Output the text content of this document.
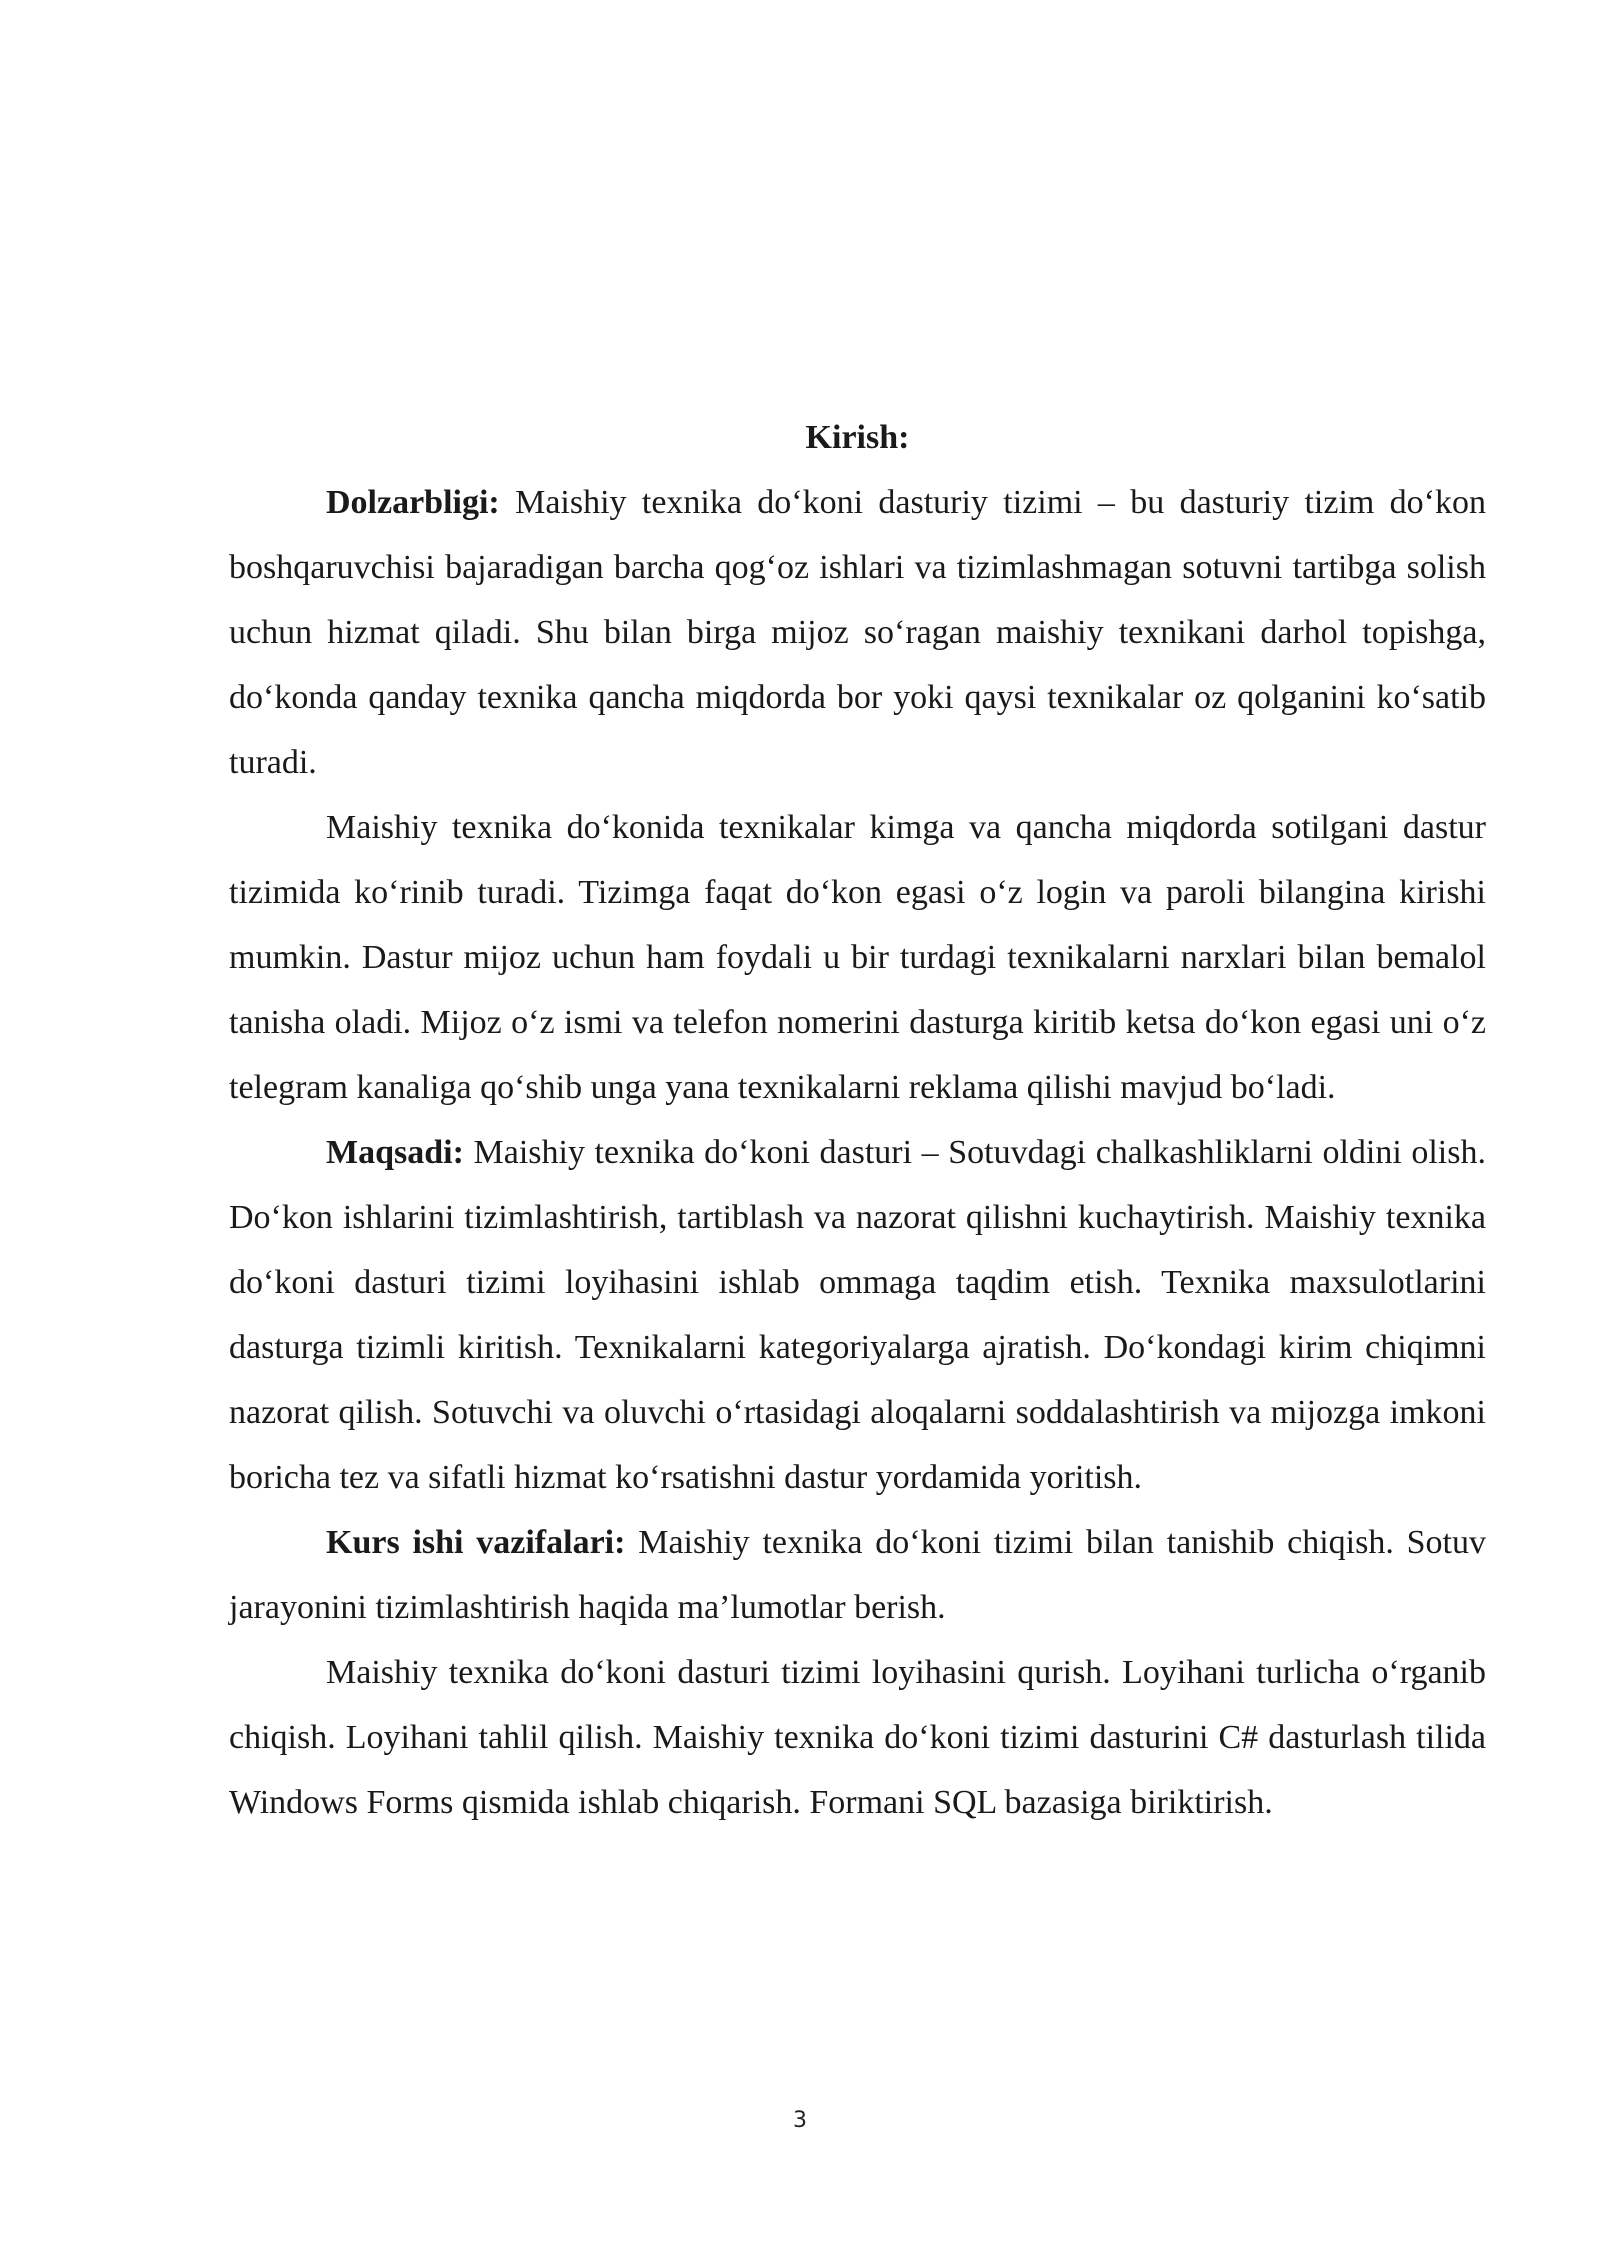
Kirish:

Dolzarbligi: Maishiy texnika do‘koni dasturiy tizimi – bu dasturiy tizim do‘kon boshqaruvchisi bajaradigan barcha qog‘oz ishlari va tizimlashmagan sotuvni tartibga solish uchun hizmat qiladi. Shu bilan birga mijoz so‘ragan maishiy texnikani darhol topishga, do‘konda qanday texnika qancha miqdorda bor yoki qaysi texnikalar oz qolganini ko‘satib turadi.

Maishiy texnika do‘konida texnikalar kimga va qancha miqdorda sotilgani dastur tizimida ko‘rinib turadi. Tizimga faqat do‘kon egasi o‘z login va paroli bilangina kirishi mumkin. Dastur mijoz uchun ham foydali u bir turdagi texnikalarni narxlari bilan bemalol tanisha oladi. Mijoz o‘z ismi va telefon nomerini dasturga kiritib ketsa do‘kon egasi uni o‘z telegram kanaliga qo‘shib unga yana texnikalarni reklama qilishi mavjud bo‘ladi.

Maqsadi: Maishiy texnika do‘koni dasturi – Sotuvdagi chalkashliklarni oldini olish. Do‘kon ishlarini tizimlashtirish, tartiblash va nazorat qilishni kuchaytirish. Maishiy texnika do‘koni dasturi tizimi loyihasini ishlab ommaga taqdim etish. Texnika maxsulotlarini dasturga tizimli kiritish. Texnikalarni kategoriyalarga ajratish. Do‘kondagi kirim chiqimni nazorat qilish. Sotuvchi va oluvchi o‘rtasidagi aloqalarni soddalashtirish va mijozga imkoni boricha tez va sifatli hizmat ko‘rsatishni dastur yordamida yoritish.

Kurs ishi vazifalari: Maishiy texnika do‘koni tizimi bilan tanishib chiqish. Sotuv jarayonini tizimlashtirish haqida ma’lumotlar berish.

Maishiy texnika do‘koni dasturi tizimi loyihasini qurish. Loyihani turlicha o‘rganib chiqish. Loyihani tahlil qilish. Maishiy texnika do‘koni tizimi dasturini C# dasturlash tilida Windows Forms qismida ishlab chiqarish. Formani SQL bazasiga biriktirish.

3
